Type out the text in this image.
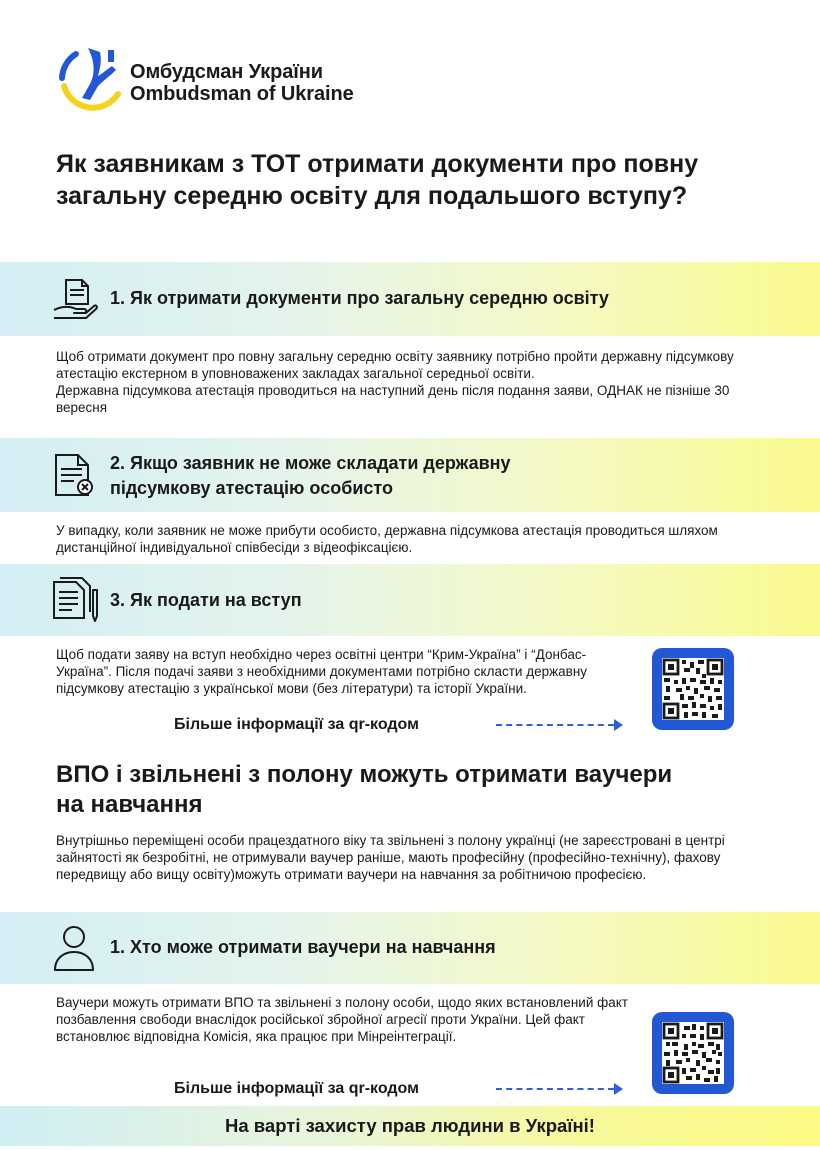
Омбудсман України
Ombudsman of Ukraine
Як заявникам з ТОТ отримати документи про повну загальну середню освіту для подальшого вступу?
1. Як отримати документи про загальну середню освіту

Щоб отримати документ про повну загальну середню освіту заявнику потрібно пройти державну підсумкову атестацію екстерном в уповноважених закладах загальної середньої освіти.

Державна підсумкова атестація проводиться на наступний день після подання заяви, ОДНАК не пізніше 30 вересня

2. Якщо заявник не може складати державну підсумкову атестацію особисто

У випадку, коли заявник не може прибути особисто, державна підсумкова атестація проводиться шляхом дистанційної індивідуальної співбесіди з відеофіксацією.

3. Як подати на вступ

Щоб подати заяву на вступ необхідно через освітні центри “Крим-Україна” і “Донбас-Україна”. Після подачі заяви з необхідними документами потрібно скласти державну підсумкову атестацію з української мови (без літератури) та історії України.

Більше інформації за qr-кодом
ВПО і звільнені з полону можуть отримати ваучери на навчання

Внутрішньо переміщені особи працездатного віку та звільнені з полону українці (не зареєстровані в центрі зайнятості як безробітні, не отримували ваучер раніше, мають професійну (професійно-технічну), фахову передвищу або вищу освіту)можуть отримати ваучери на навчання за робітничою професією.

1. Хто може отримати ваучери на навчання

Ваучери можуть отримати ВПО та звільнені з полону особи, щодо яких встановлений факт позбавлення свободи внаслідок російської збройної агресії проти України. Цей факт встановлює відповідна Комісія, яка працює при Мінреінтеграції.

Більше інформації за qr-кодом
На варті захисту прав людини в Україні!
